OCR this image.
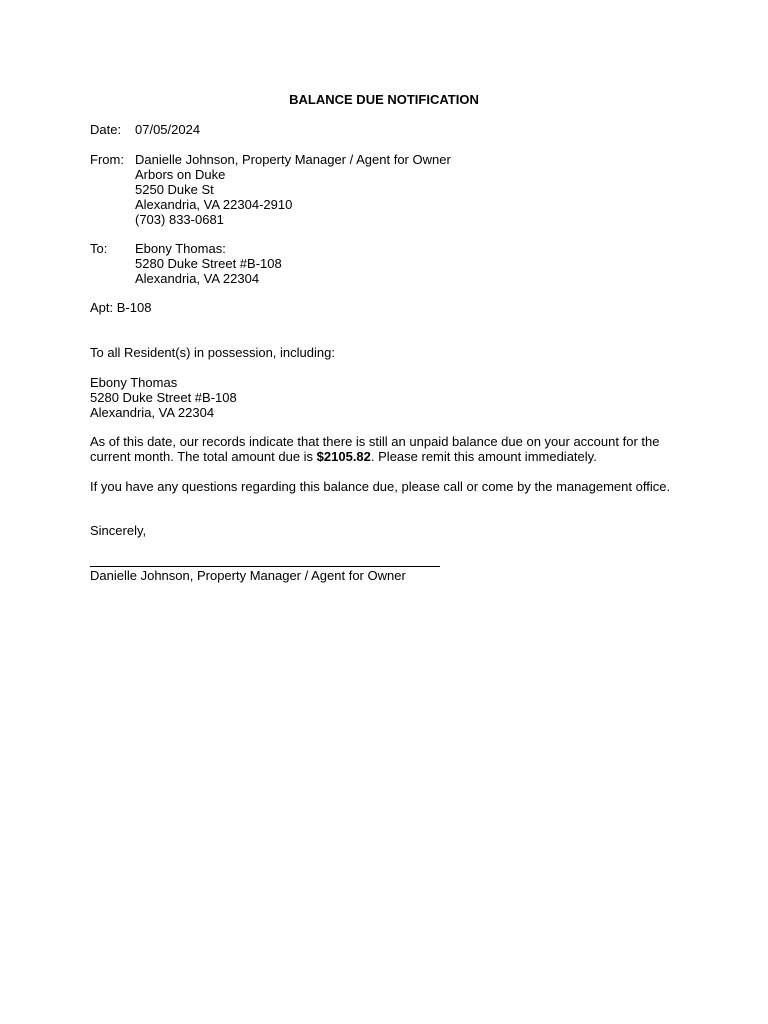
BALANCE DUE NOTIFICATION
Date: 07/05/2024
From: Danielle Johnson, Property Manager / Agent for Owner
Arbors on Duke
5250 Duke St
Alexandria, VA 22304-2910
(703) 833-0681
To: Ebony Thomas:
5280 Duke Street #B-108
Alexandria, VA 22304
Apt: B-108
To all Resident(s) in possession, including:
Ebony Thomas
5280 Duke Street #B-108
Alexandria, VA 22304
As of this date, our records indicate that there is still an unpaid balance due on your account for the
current month. The total amount due is $2105.82. Please remit this amount immediately.
If you have any questions regarding this balance due, please call or come by the management office.
Sincerely,
Danielle Johnson, Property Manager / Agent for Owner
